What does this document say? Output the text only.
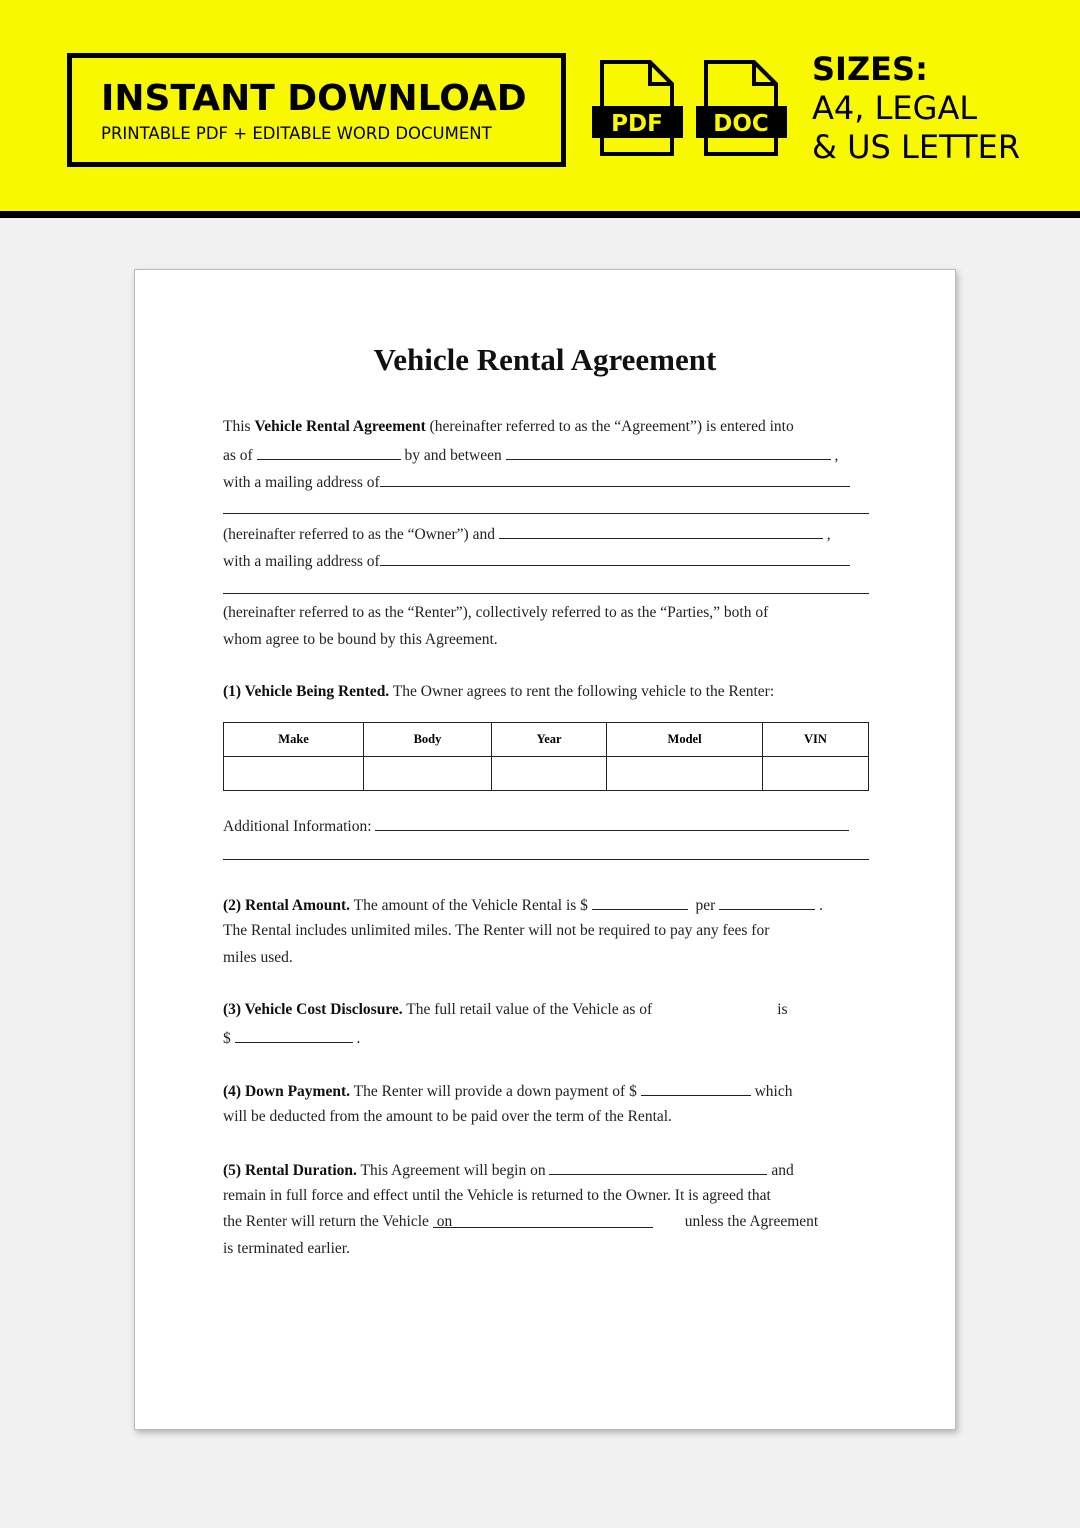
INSTANT DOWNLOAD
PRINTABLE PDF + EDITABLE WORD DOCUMENT	PDF DOC
SIZES:
A4, LEGAL
& US LETTER
Vehicle Rental Agreement
This Vehicle Rental Agreement (hereinafter referred to as the “Agreement”) is entered into
as of	by and between	,
with a mailing address of
(hereinafter referred to as the “Owner”) and	,
with a mailing address of
(hereinafter referred to as the “Renter”), collectively referred to as the “Parties,” both of
whom agree to be bound by this Agreement.
(1) Vehicle Being Rented. The Owner agrees to rent the following vehicle to the Renter:
Make	Body	Year	Model	VIN

Additional Information:
(2) Rental Amount. The amount of the Vehicle Rental is $	per	.
The Rental includes unlimited miles. The Renter will not be required to pay any fees for
miles used.
(3) Vehicle Cost Disclosure. The full retail value of the Vehicle as of	is
$	.
(4) Down Payment. The Renter will provide a down payment of $	which
will be deducted from the amount to be paid over the term of the Rental.
(5) Rental Duration. This Agreement will begin on	and
remain in full force and effect until the Vehicle is returned to the Owner. It is agreed that
the Renter will return the Vehicle on	unless the Agreement
is terminated earlier.
